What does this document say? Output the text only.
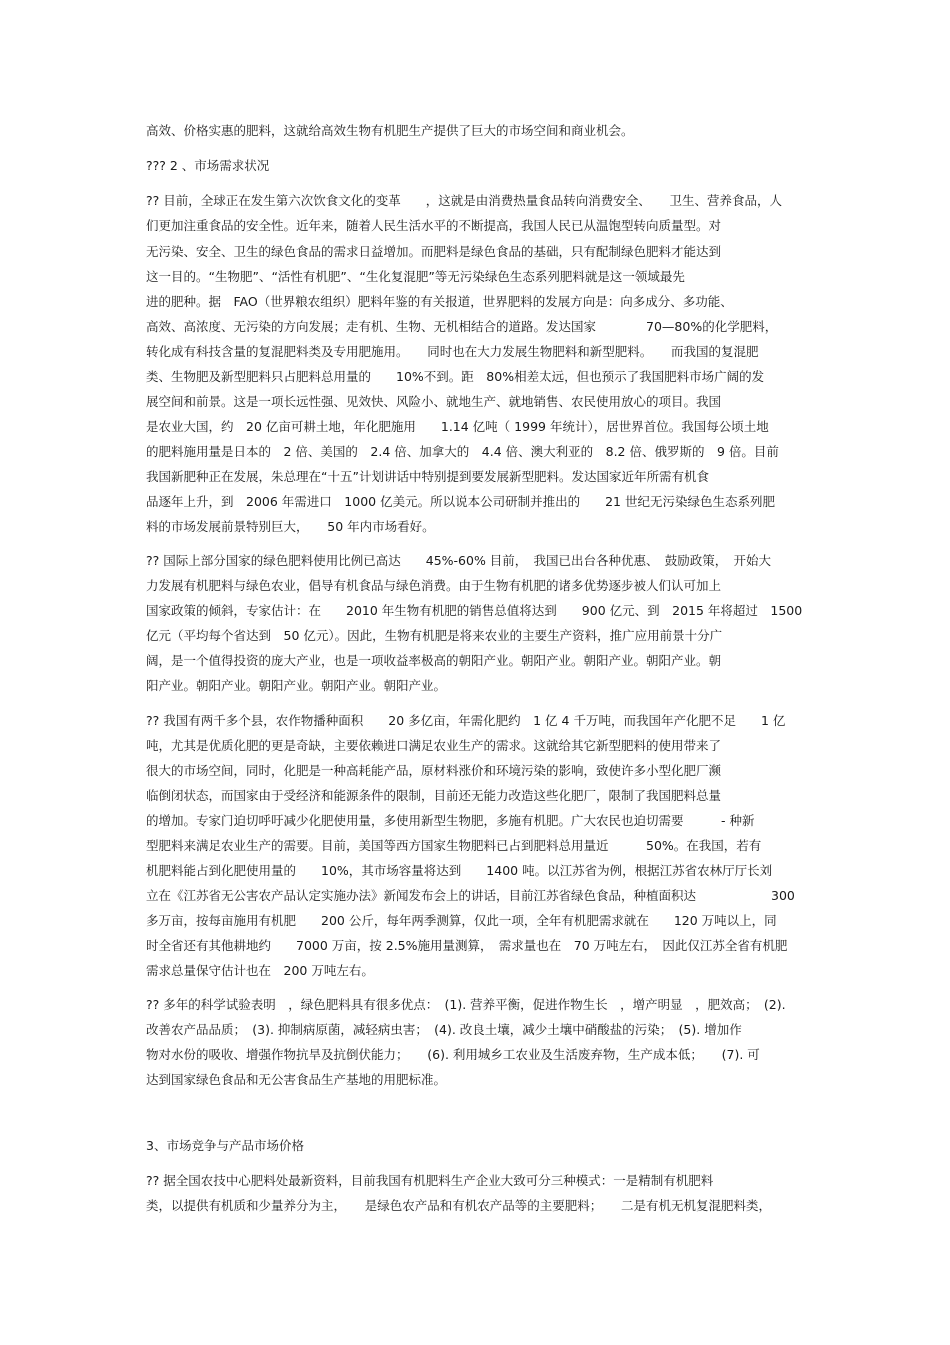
高效、价格实惠的肥料，这就给高效生物有机肥生产提供了巨大的市场空间和商业机会。
??? 2 、市场需求状况
?? 目前，全球正在发生第六次饮食文化的变革　　，这就是由消费热量食品转向消费安全、　　卫生、营养食品，人
们更加注重食品的安全性。近年来，随着人民生活水平的不断提高，我国人民已从温饱型转向质量型。对
无污染、安全、卫生的绿色食品的需求日益增加。而肥料是绿色食品的基础，只有配制绿色肥料才能达到
这一目的。“生物肥”、“活性有机肥”、“生化复混肥”等无污染绿色生态系列肥料就是这一领域最先
进的肥种。据　FAO（世界粮农组织）肥料年鉴的有关报道，世界肥料的发展方向是：向多成分、多功能、
高效、高浓度、无污染的方向发展；走有机、生物、无机相结合的道路。发达国家　　　　70—80%的化学肥料，
转化成有科技含量的复混肥料类及专用肥施用。　　同时也在大力发展生物肥料和新型肥料。　　而我国的复混肥
类、生物肥及新型肥料只占肥料总用量的　　10%不到。距　80%相差太远，但也预示了我国肥料市场广阔的发
展空间和前景。这是一项长远性强、见效快、风险小、就地生产、就地销售、农民使用放心的项目。我国
是农业大国，约　20 亿亩可耕土地，年化肥施用　　1.14 亿吨（ 1999 年统计），居世界首位。我国每公顷土地
的肥料施用量是日本的　2 倍、美国的　2.4 倍、加拿大的　4.4 倍、澳大利亚的　8.2 倍、俄罗斯的　9 倍。目前
我国新肥种正在发展，朱总理在“十五”计划讲话中特别提到要发展新型肥料。发达国家近年所需有机食
品逐年上升，到　2006 年需进口　1000 亿美元。所以说本公司研制并推出的　　21 世纪无污染绿色生态系列肥
料的市场发展前景特别巨大，　　50 年内市场看好。
?? 国际上部分国家的绿色肥料使用比例已高达　　45%-60% 目前，　我国已出台各种优惠、　鼓励政策，　开始大
力发展有机肥料与绿色农业，倡导有机食品与绿色消费。由于生物有机肥的诸多优势逐步被人们认可加上
国家政策的倾斜，专家估计：在　　2010 年生物有机肥的销售总值将达到　　900 亿元、到　2015 年将超过　1500
亿元（平均每个省达到　50 亿元）。因此，生物有机肥是将来农业的主要生产资料，推广应用前景十分广
阔，是一个值得投资的庞大产业，也是一项收益率极高的朝阳产业。朝阳产业。朝阳产业。朝阳产业。朝
阳产业。朝阳产业。朝阳产业。朝阳产业。朝阳产业。
?? 我国有两千多个县，农作物播种面积　　20 多亿亩，年需化肥约　1 亿 4 千万吨，而我国年产化肥不足　　1 亿
吨，尤其是优质化肥的更是奇缺，主要依赖进口满足农业生产的需求。这就给其它新型肥料的使用带来了
很大的市场空间，同时，化肥是一种高耗能产品，原材料涨价和环境污染的影响，致使许多小型化肥厂濒
临倒闭状态，而国家由于受经济和能源条件的限制，目前还无能力改造这些化肥厂，限制了我国肥料总量
的增加。专家门迫切呼吁减少化肥使用量，多使用新型生物肥，多施有机肥。广大农民也迫切需要　　　- 种新
型肥料来满足农业生产的需要。目前，美国等西方国家生物肥料已占到肥料总用量近　　　50%。在我国，若有
机肥料能占到化肥使用量的　　10%，其市场容量将达到　　1400 吨。以江苏省为例，根据江苏省农林厅厅长刘
立在《江苏省无公害农产品认定实施办法》新闻发布会上的讲话，目前江苏省绿色食品，种植面积达　　　　　　300
多万亩，按每亩施用有机肥　　200 公斤，每年两季测算，仅此一项，全年有机肥需求就在　　120 万吨以上，同
时全省还有其他耕地约　　7000 万亩，按 2.5%施用量测算，　需求量也在　70 万吨左右，　因此仅江苏全省有机肥
需求总量保守估计也在　200 万吨左右。
?? 多年的科学试验表明　，绿色肥料具有很多优点：　(1). 营养平衡，促进作物生长　，增产明显　，肥效高；　(2).
改善农产品品质；　(3). 抑制病原菌，减轻病虫害；　(4). 改良土壤，减少土壤中硝酸盐的污染；　(5). 增加作
物对水份的吸收、增强作物抗旱及抗倒伏能力；　　(6). 利用城乡工农业及生活废弃物，生产成本低；　　(7). 可
达到国家绿色食品和无公害食品生产基地的用肥标准。
3、市场竞争与产品市场价格
?? 据全国农技中心肥料处最新资料，目前我国有机肥料生产企业大致可分三种模式：一是精制有机肥料
类，以提供有机质和少量养分为主，　　是绿色农产品和有机农产品等的主要肥料；　　二是有机无机复混肥料类，
